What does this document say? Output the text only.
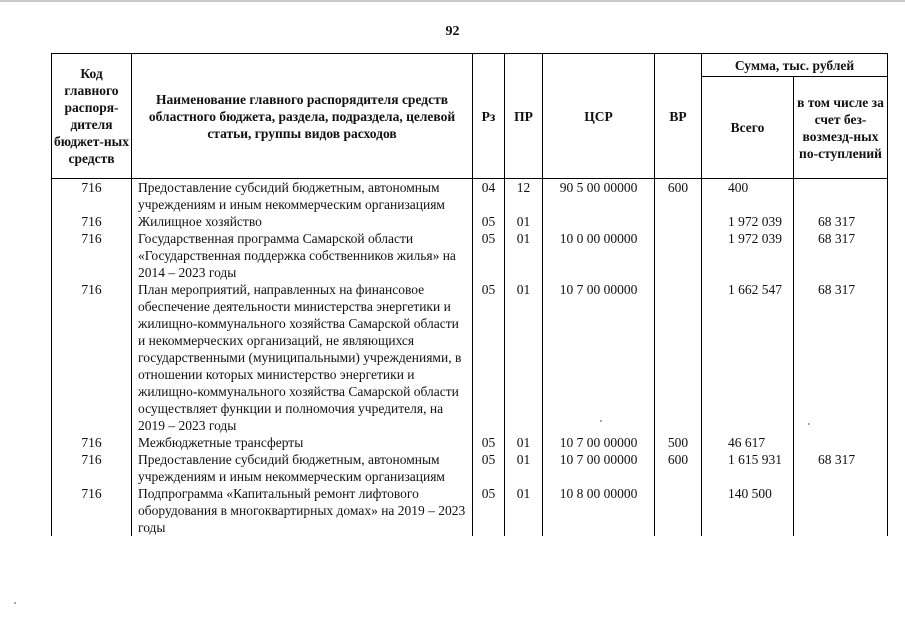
92
Код главного распоря-дителя бюджет-ных средств	Наименование главного распорядителя средств областного бюджета, раздела, подраздела, целевой статьи, группы видов расходов	Рз	ПР	ЦСР	ВР	Сумма, тыс. рублей	
						Всего	в том числе за счет без-возмезд-ных по-ступлений
716	Предоставление субсидий бюджетным, автономным учреждениям и иным некоммерческим организациям	04	12	90 5 00 00000	600	400	
716	Жилищное хозяйство	05	01			1 972 039	68 317
716	Государственная программа Самарской области «Государственная поддержка собственников жилья» на 2014 – 2023 годы	05	01	10 0 00 00000		1 972 039	68 317
716	План мероприятий, направленных на финансовое обеспечение деятельности министерства энергетики и жилищно-коммунального хозяйства Самарской области и некоммерческих организаций, не являющихся государственными (муниципальными) учреждениями, в отношении которых министерство энергетики и жилищно-коммунального хозяйства Самарской области осуществляет функции и полномочия учредителя, на 2019 – 2023 годы	05	01	10 7 00 00000		1 662 547	68 317
716	Межбюджетные трансферты	05	01	10 7 00 00000	500	46 617	
716	Предоставление субсидий бюджетным, автономным учреждениям и иным некоммерческим организациям	05	01	10 7 00 00000	600	1 615 931	68 317
716	Подпрограмма «Капитальный ремонт лифтового оборудования в многоквартирных домах» на 2019 – 2023 годы	05	01	10 8 00 00000		140 500	
